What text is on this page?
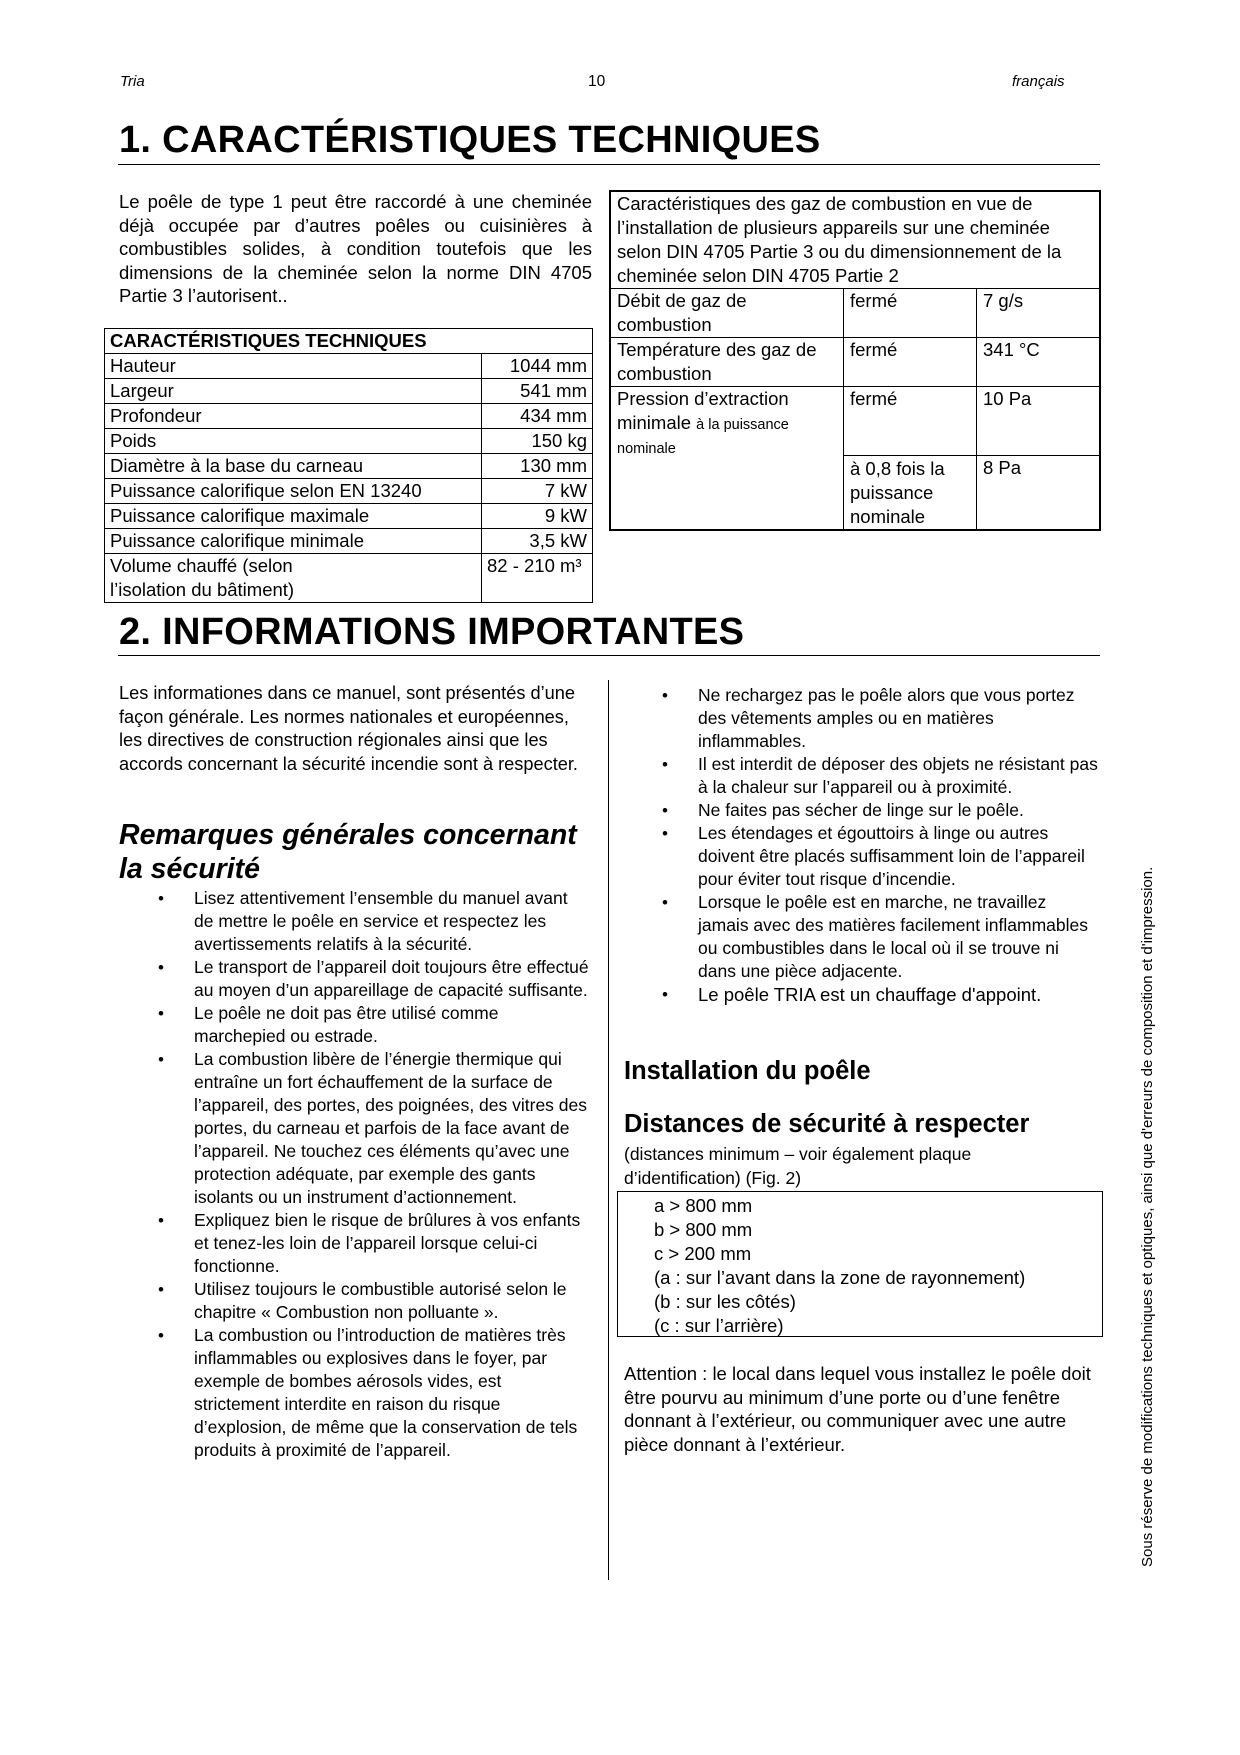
Tria	10	français
1. CARACTÉRISTIQUES TECHNIQUES
Le poêle de type 1 peut être raccordé à une cheminée déjà occupée par d’autres poêles ou cuisinières à combustibles solides, à condition toutefois que les dimensions de la cheminée selon la norme DIN 4705 Partie 3 l’autorisent..
CARACTÉRISTIQUES TECHNIQUES	
Hauteur	1044 mm
Largeur	541 mm
Profondeur	434 mm
Poids	150 kg
Diamètre à la base du carneau	130 mm
Puissance calorifique selon EN 13240	7 kW
Puissance calorifique maximale	9 kW
Puissance calorifique minimale	3,5 kW
Volume chauffé (selon l’isolation du bâtiment)	82 - 210 m³
Caractéristiques des gaz de combustion en vue de l’installation de plusieurs appareils sur une cheminée selon DIN 4705 Partie 3 ou du dimensionnement de la cheminée selon DIN 4705 Partie 2		
Débit de gaz de combustion	fermé	7 g/s
Température des gaz de combustion	fermé	341 °C
Pression d’extraction minimale à la puissance nominale	fermé	10 Pa
	à 0,8 fois la puissance nominale	8 Pa
2. INFORMATIONS IMPORTANTES
Les informationes dans ce manuel, sont présentés d’une façon générale. Les normes nationales et européennes, les directives de construction régionales ainsi que les accords concernant la sécurité incendie sont à respecter.
Remarques générales concernant la sécurité
• Lisez attentivement l’ensemble du manuel avant de mettre le poêle en service et respectez les avertissements relatifs à la sécurité.
• Le transport de l’appareil doit toujours être effectué au moyen d’un appareillage de capacité suffisante.
• Le poêle ne doit pas être utilisé comme marchepied ou estrade.
• La combustion libère de l’énergie thermique qui entraîne un fort échauffement de la surface de l’appareil, des portes, des poignées, des vitres des portes, du carneau et parfois de la face avant de l’appareil. Ne touchez ces éléments qu’avec une protection adéquate, par exemple des gants isolants ou un instrument d’actionnement.
• Expliquez bien le risque de brûlures à vos enfants et tenez-les loin de l’appareil lorsque celui-ci fonctionne.
• Utilisez toujours le combustible autorisé selon le chapitre « Combustion non polluante ».
• La combustion ou l’introduction de matières très inflammables ou explosives dans le foyer, par exemple de bombes aérosols vides, est strictement interdite en raison du risque d’explosion, de même que la conservation de tels produits à proximité de l’appareil.
• Ne rechargez pas le poêle alors que vous portez des vêtements amples ou en matières inflammables.
• Il est interdit de déposer des objets ne résistant pas à la chaleur sur l’appareil ou à proximité.
• Ne faites pas sécher de linge sur le poêle.
• Les étendages et égouttoirs à linge ou autres doivent être placés suffisamment loin de l’appareil pour éviter tout risque d’incendie.
• Lorsque le poêle est en marche, ne travaillez jamais avec des matières facilement inflammables ou combustibles dans le local où il se trouve ni dans une pièce adjacente.
• Le poêle TRIA est un chauffage d'appoint.
Installation du poêle
Distances de sécurité à respecter
(distances minimum – voir également plaque d’identification) (Fig. 2)
a > 800 mm
b > 800 mm
c > 200 mm
(a : sur l’avant dans la zone de rayonnement)
(b : sur les côtés)
(c : sur l’arrière)
Attention : le local dans lequel vous installez le poêle doit être pourvu au minimum d’une porte ou d’une fenêtre donnant à l’extérieur, ou communiquer avec une autre pièce donnant à l’extérieur.	Sous réserve de modifications techniques et optiques, ainsi que d'erreurs de composition et d'impression.
